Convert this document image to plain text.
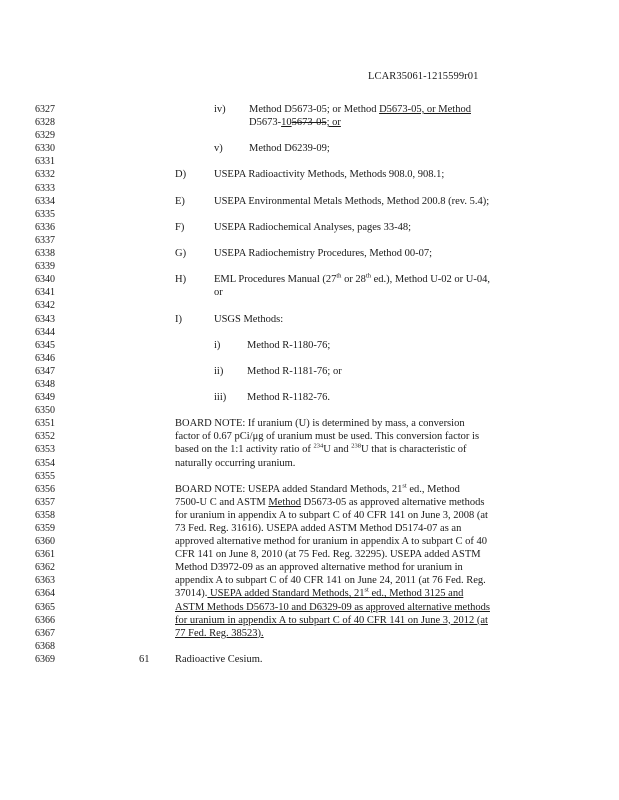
LCAR35061-1215599r01
6327	iv) Method D5673-05; or Method D5673-05, or Method
6328	D5673-105673-05; or
6329
6330	v)	Method D6239-09;
6331
6332	D)	USEPA Radioactivity Methods, Methods 908.0, 908.1;
6333
6334	E)	USEPA Environmental Metals Methods, Method 200.8 (rev. 5.4);
6335
6336	F)	USEPA Radiochemical Analyses, pages 33-48;
6337
6338	G)	USEPA Radiochemistry Procedures, Method 00-07;
6339
6340	H)	EML Procedures Manual (27th or 28th ed.), Method U-02 or U-04,
6341	or
6342
6343	I)	USGS Methods:
6344
6345	i)	Method R-1180-76;
6346
6347	ii) Method R-1181-76; or
6348
6349	iii) Method R-1182-76.
6350
6351	BOARD NOTE: If uranium (U) is determined by mass, a conversion
6352	factor of 0.67 pCi/μg of uranium must be used. This conversion factor is
6353	based on the 1:1 activity ratio of $^{234}$U and $^{238}$U that is characteristic of
6354	naturally occurring uranium.
6355
6356	BOARD NOTE: USEPA added Standard Methods, 21st ed., Method
6357	7500-U C and ASTM Method D5673-05 as approved alternative methods
6358	for uranium in appendix A to subpart C of 40 CFR 141 on June 3, 2008 (at
6359	73 Fed. Reg. 31616). USEPA added ASTM Method D5174-07 as an
6360	approved alternative method for uranium in appendix A to subpart C of 40
6361	CFR 141 on June 8, 2010 (at 75 Fed. Reg. 32295). USEPA added ASTM
6362	Method D3972-09 as an approved alternative method for uranium in
6363	appendix A to subpart C of 40 CFR 141 on June 24, 2011 (at 76 Fed. Reg.
6364	37014). USEPA added Standard Methods, 21st ed., Method 3125 and
6365	ASTM Methods D5673-10 and D6329-09 as approved alternative methods
6366	for uranium in appendix A to subpart C of 40 CFR 141 on June 3, 2012 (at
6367	77 Fed. Reg. 38523).
6368
6369	61 Radioactive Cesium.
